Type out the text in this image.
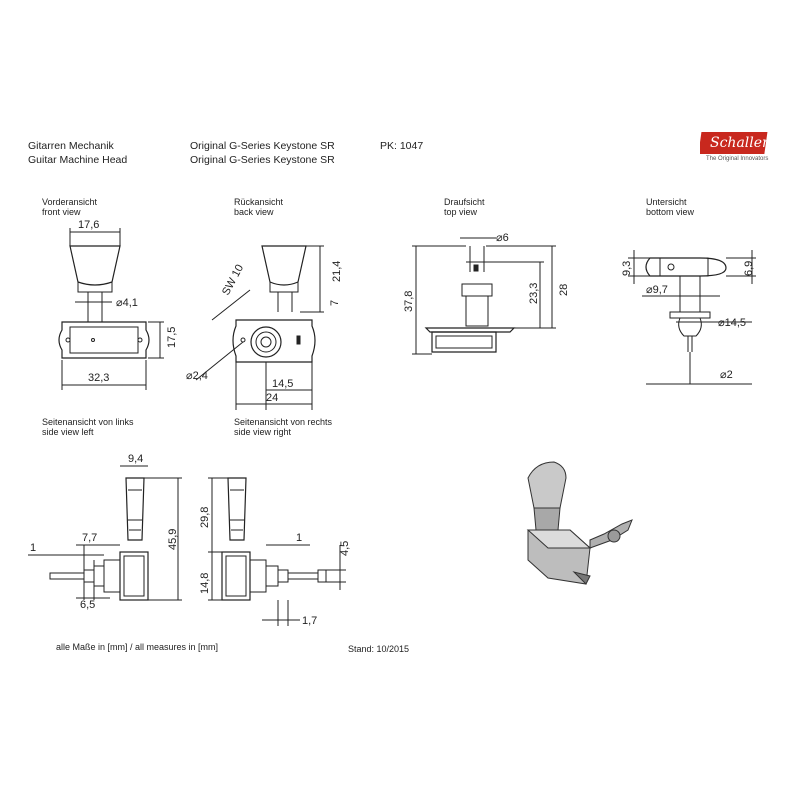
Gitarren Mechanik
Guitar Machine Head
Original G-Series Keystone SR
Original G-Series Keystone SR
PK: 1047	Schaller
The Original Innovators
Vorderansicht
front view
Rückansicht
back view
Draufsicht
top view
Untersicht
bottom view
Seitenansicht von links
side view left
Seitenansicht von rechts
side view right
alle Maße in [mm] / all measures in [mm]	Stand: 10/2015
17,6
⌀4,1
32,3
17,5
SW 10	21,4
7
⌀2,4
14,5
24
⌀6
37,8	23,3 28
9,3	6,9
⌀9,7
⌀14,5
⌀2
9,4
45,9
7,7
1
6,5
29,8
14,8
1
4,5
1,7
